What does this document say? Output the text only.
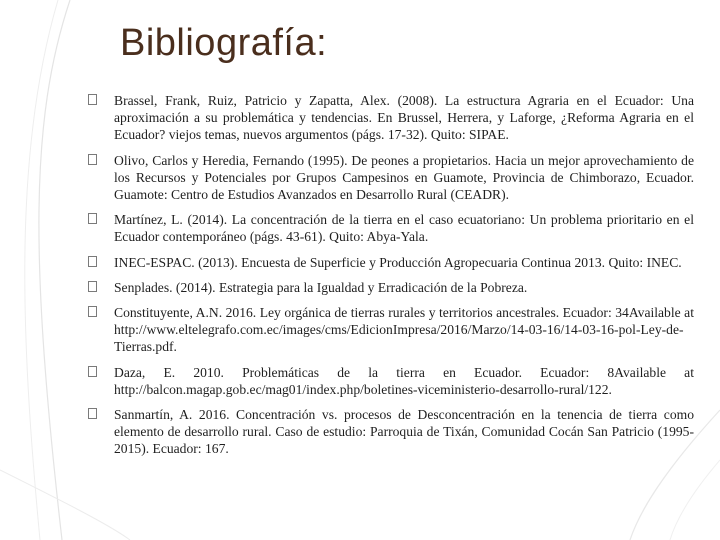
Bibliografía:
Brassel, Frank, Ruiz, Patricio y Zapatta, Alex. (2008). La estructura Agraria en el Ecuador: Una aproximación a su problemática y tendencias. En Brussel, Herrera, y Laforge, ¿Reforma Agraria en el Ecuador? viejos temas, nuevos argumentos (págs. 17-32). Quito: SIPAE.
Olivo, Carlos y Heredia, Fernando (1995). De peones a propietarios. Hacia un mejor aprovechamiento de los Recursos y Potenciales por Grupos Campesinos en Guamote, Provincia de Chimborazo, Ecuador. Guamote: Centro de Estudios Avanzados en Desarrollo Rural (CEADR).
Martínez, L. (2014). La concentración de la tierra en el caso ecuatoriano: Un problema prioritario en el Ecuador contemporáneo (págs. 43-61). Quito: Abya-Yala.
INEC-ESPAC. (2013). Encuesta de Superficie y Producción Agropecuaria Continua 2013. Quito: INEC.
Senplades. (2014). Estrategia para la Igualdad y Erradicación de la Pobreza.
Constituyente, A.N. 2016. Ley orgánica de tierras rurales y territorios ancestrales. Ecuador: 34Available at http://www.eltelegrafo.com.ec/images/cms/EdicionImpresa/2016/Marzo/14-03-16/14-03-16-pol-Ley-de-Tierras.pdf.
Daza, E. 2010. Problemáticas de la tierra en Ecuador. Ecuador: 8Available at http://balcon.magap.gob.ec/mag01/index.php/boletines-viceministerio-desarrollo-rural/122.
Sanmartín, A. 2016. Concentración vs. procesos de Desconcentración en la tenencia de tierra como elemento de desarrollo rural. Caso de estudio: Parroquia de Tixán, Comunidad Cocán San Patricio (1995-2015). Ecuador: 167.
